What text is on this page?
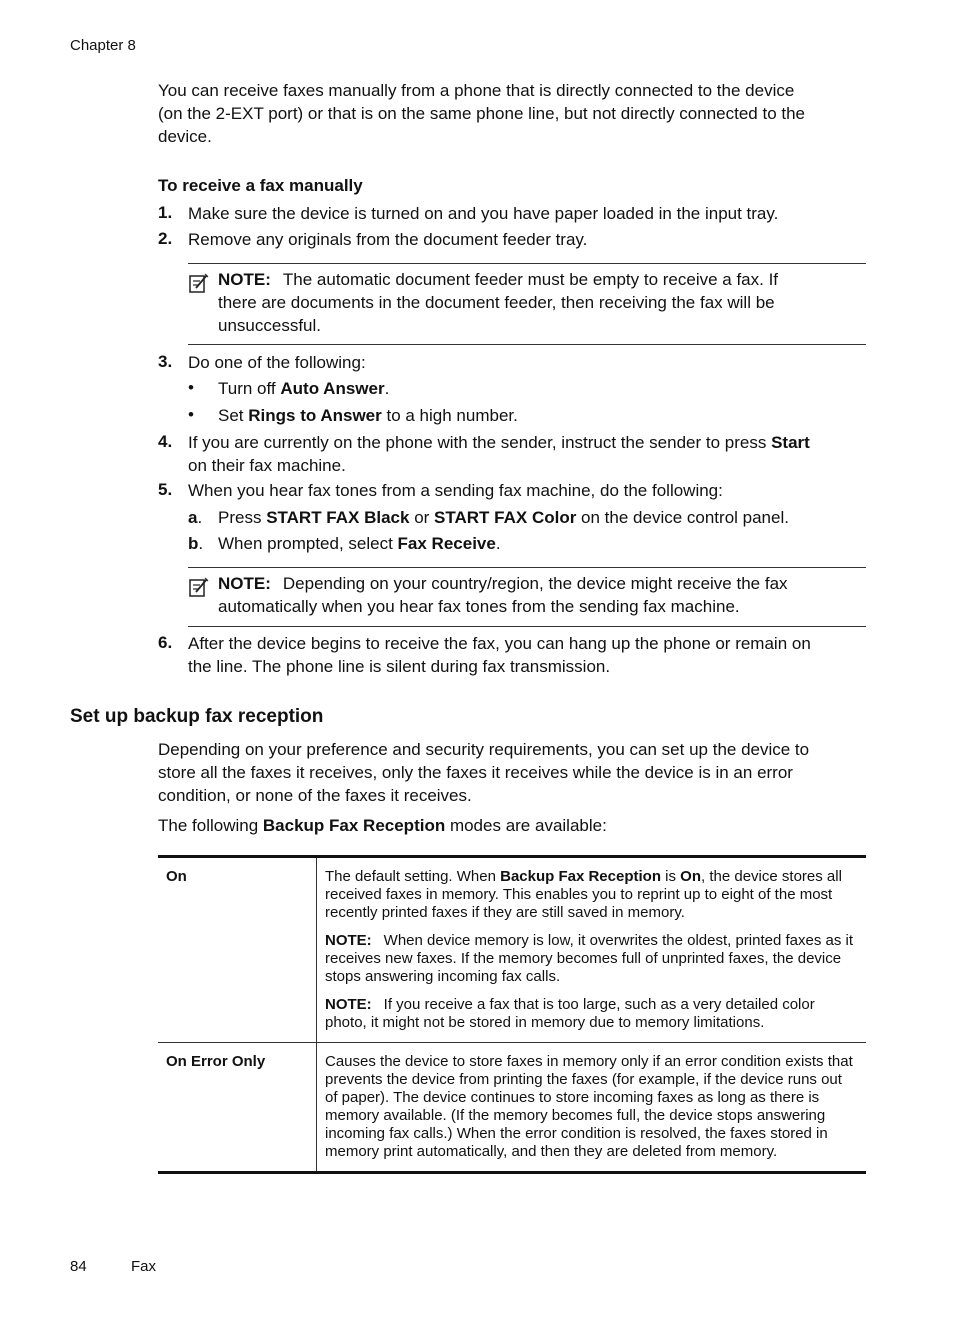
Chapter 8
You can receive faxes manually from a phone that is directly connected to the device
(on the 2-EXT port) or that is on the same phone line, but not directly connected to the
device.
To receive a fax manually
1. Make sure the device is turned on and you have paper loaded in the input tray.
2. Remove any originals from the document feeder tray.
NOTE: The automatic document feeder must be empty to receive a fax. If
there are documents in the document feeder, then receiving the fax will be
unsuccessful.
3. Do one of the following:
• Turn off Auto Answer.
• Set Rings to Answer to a high number.
4. If you are currently on the phone with the sender, instruct the sender to press Start
on their fax machine.
5. When you hear fax tones from a sending fax machine, do the following:
a. Press START FAX Black or START FAX Color on the device control panel.
b. When prompted, select Fax Receive.
NOTE: Depending on your country/region, the device might receive the fax
automatically when you hear fax tones from the sending fax machine.
6. After the device begins to receive the fax, you can hang up the phone or remain on
the line. The phone line is silent during fax transmission.
Set up backup fax reception
Depending on your preference and security requirements, you can set up the device to
store all the faxes it receives, only the faxes it receives while the device is in an error
condition, or none of the faxes it receives.
The following Backup Fax Reception modes are available:
On	The default setting. When Backup Fax Reception is On, the device stores all received faxes in memory. This enables you to reprint up to eight of the most recently printed faxes if they are still saved in memory.

NOTE: When device memory is low, it overwrites the oldest, printed faxes as it receives new faxes. If the memory becomes full of unprinted faxes, the device stops answering incoming fax calls.

NOTE: If you receive a fax that is too large, such as a very detailed color photo, it might not be stored in memory due to memory limitations.

On Error Only	Causes the device to store faxes in memory only if an error condition exists that prevents the device from printing the faxes (for example, if the device runs out of paper). The device continues to store incoming faxes as long as there is memory available. (If the memory becomes full, the device stops answering incoming fax calls.) When the error condition is resolved, the faxes stored in memory print automatically, and then they are deleted from memory.
84	Fax
